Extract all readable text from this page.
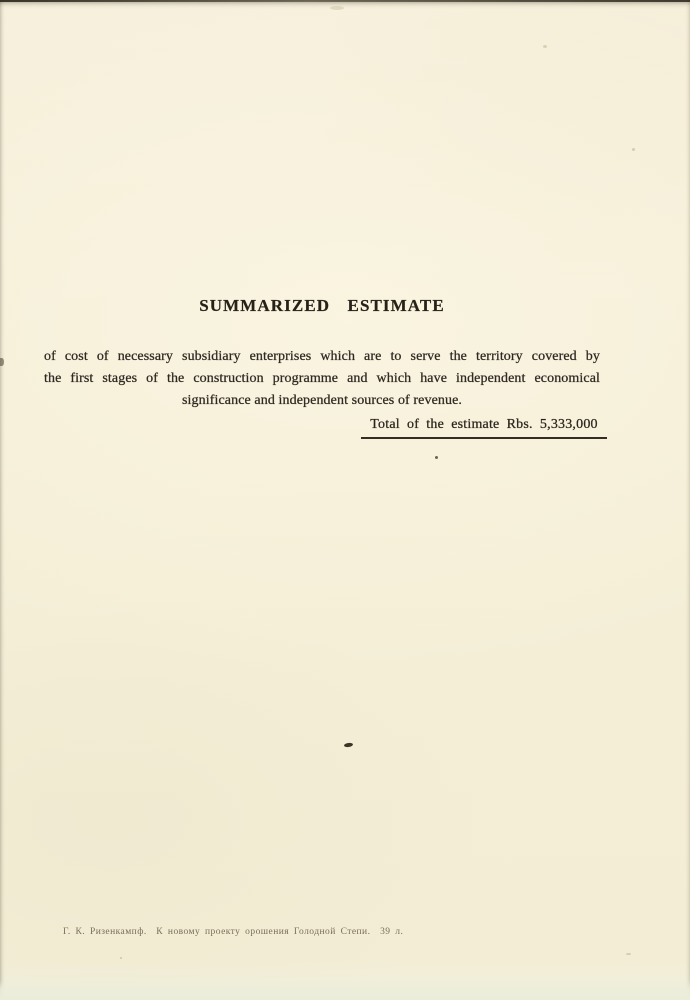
SUMMARIZED ESTIMATE
of cost of necessary subsidiary enterprises which are to serve the territory covered by
the first stages of the construction programme and which have independent economical
significance and independent sources of revenue.
Total of the estimate Rbs. 5,333,000
Г. К. Ризенкампф.  К новому проекту орошения Голодной Степи.  39 л.
